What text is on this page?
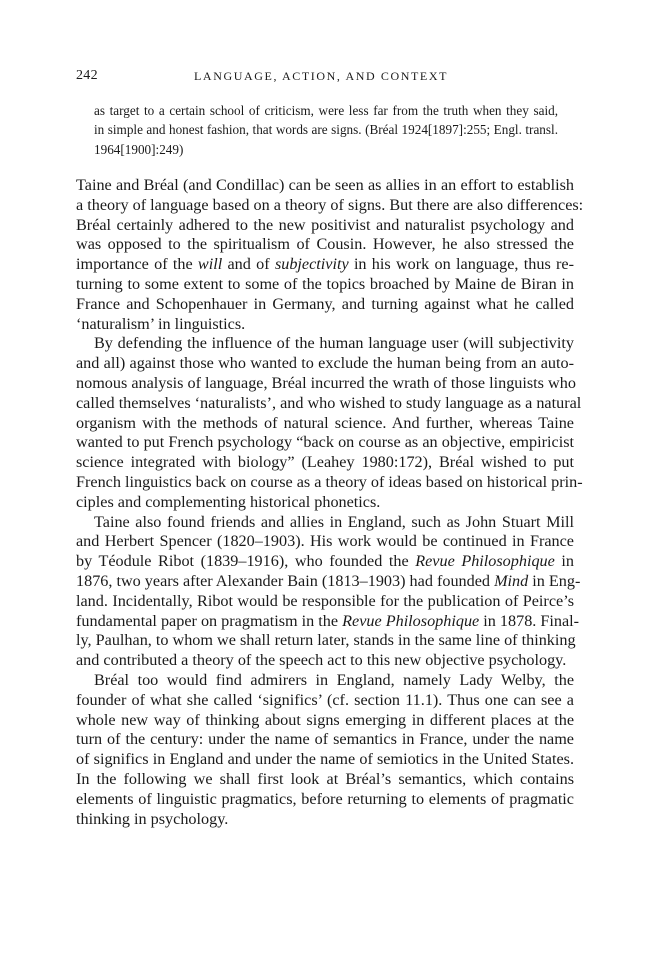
242	LANGUAGE, ACTION, AND CONTEXT
as target to a certain school of criticism, were less far from the truth when they said,
in simple and honest fashion, that words are signs. (Bréal 1924[1897]:255; Engl. transl.
1964[1900]:249)
Taine and Bréal (and Condillac) can be seen as allies in an effort to establish
a theory of language based on a theory of signs. But there are also differences:
Bréal certainly adhered to the new positivist and naturalist psychology and
was opposed to the spiritualism of Cousin. However, he also stressed the
importance of the will and of subjectivity in his work on language, thus re-
turning to some extent to some of the topics broached by Maine de Biran in
France and Schopenhauer in Germany, and turning against what he called
‘naturalism’ in linguistics.
By defending the influence of the human language user (will subjectivity
and all) against those who wanted to exclude the human being from an auto-
nomous analysis of language, Bréal incurred the wrath of those linguists who
called themselves ‘naturalists’, and who wished to study language as a natural
organism with the methods of natural science. And further, whereas Taine
wanted to put French psychology “back on course as an objective, empiricist
science integrated with biology” (Leahey 1980:172), Bréal wished to put
French linguistics back on course as a theory of ideas based on historical prin-
ciples and complementing historical phonetics.
Taine also found friends and allies in England, such as John Stuart Mill
and Herbert Spencer (1820–1903). His work would be continued in France
by Téodule Ribot (1839–1916), who founded the Revue Philosophique in
1876, two years after Alexander Bain (1813–1903) had founded Mind in Eng-
land. Incidentally, Ribot would be responsible for the publication of Peirce’s
fundamental paper on pragmatism in the Revue Philosophique in 1878. Final-
ly, Paulhan, to whom we shall return later, stands in the same line of thinking
and contributed a theory of the speech act to this new objective psychology.
Bréal too would find admirers in England, namely Lady Welby, the
founder of what she called ‘significs’ (cf. section 11.1). Thus one can see a
whole new way of thinking about signs emerging in different places at the
turn of the century: under the name of semantics in France, under the name
of significs in England and under the name of semiotics in the United States.
In the following we shall first look at Bréal’s semantics, which contains
elements of linguistic pragmatics, before returning to elements of pragmatic
thinking in psychology.
